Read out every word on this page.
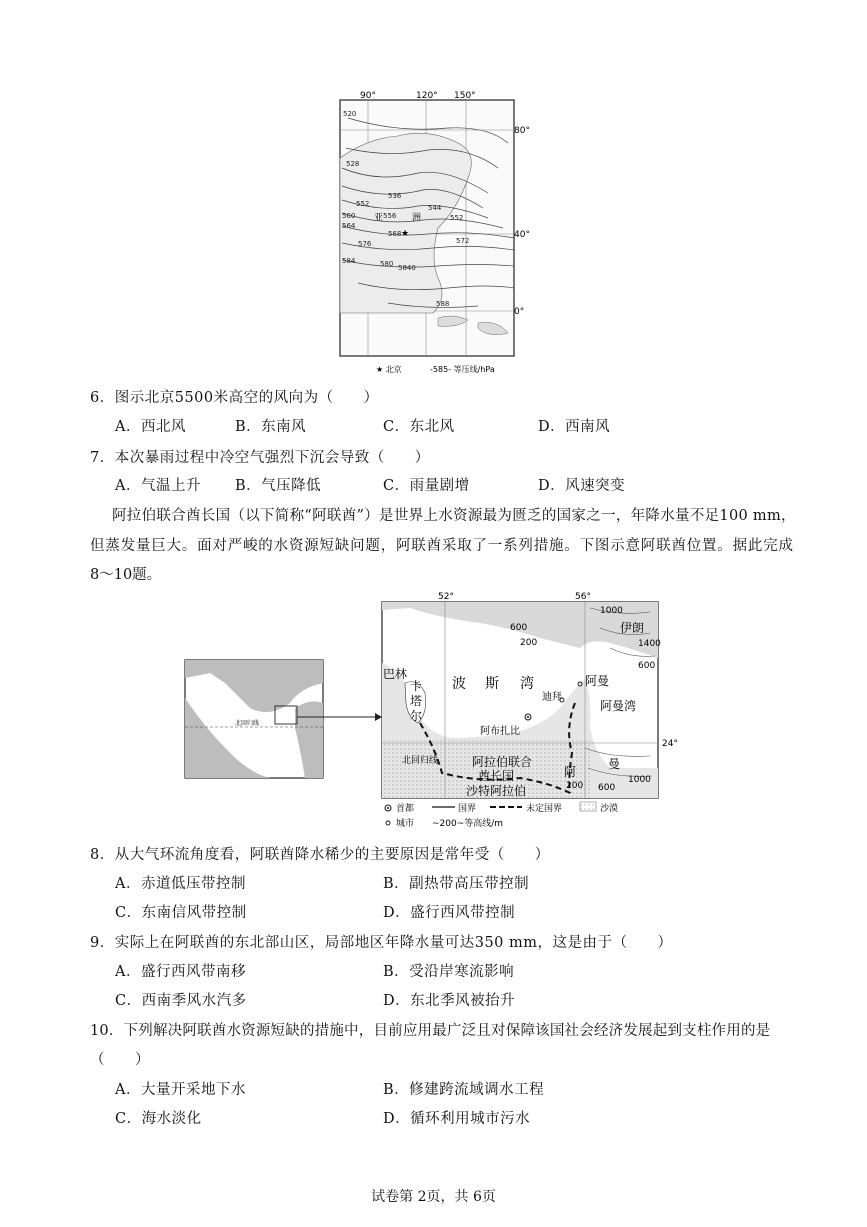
90°	120° 150°
80°
40°
0°
520
528
536
544
552
556
560
564
568
572
576
580
584
588
552
5840
亚	洲
★
★ 北京	-585- 等压线/hPa
6．图示北京5500米高空的风向为（　　）
A．西北风	B．东南风	C．东北风	D．西南风
7．本次暴雨过程中冷空气强烈下沉会导致（　　）
A．气温上升 B．气压降低	C．雨量剧增	D．风速突变
阿拉伯联合酋长国（以下简称“阿联酋”）是世界上水资源最为匮乏的国家之一，年降水量不足100 mm，
但蒸发量巨大。面对严峻的水资源短缺问题，阿联酋采取了一系列措施。下图示意阿联酋位置。据此完成
8～10题。
北回归线
52°	56°
24°
巴林
卡
塔
尔
波 斯 湾
迪拜
阿布扎比
阿拉伯联合
酋长国
沙特阿拉伯
阿曼
阿曼湾
伊朗
阿
曼
北回归线
1000
600
200	1400
600
200
1000
600
首都	国界	未定国界	沙漠
城市 ~200~等高线/m
8．从大气环流角度看，阿联酋降水稀少的主要原因是常年受（　　）
A．赤道低压带控制	B．副热带高压带控制
C．东南信风带控制	D．盛行西风带控制
9．实际上在阿联酋的东北部山区，局部地区年降水量可达350 mm，这是由于（　　）
A．盛行西风带南移	B．受沿岸寒流影响
C．西南季风水汽多	D．东北季风被抬升
10．下列解决阿联酋水资源短缺的措施中，目前应用最广泛且对保障该国社会经济发展起到支柱作用的是
（　　）
A．大量开采地下水	B．修建跨流域调水工程
C．海水淡化	D．循环利用城市污水
试卷第 2页，共 6页
